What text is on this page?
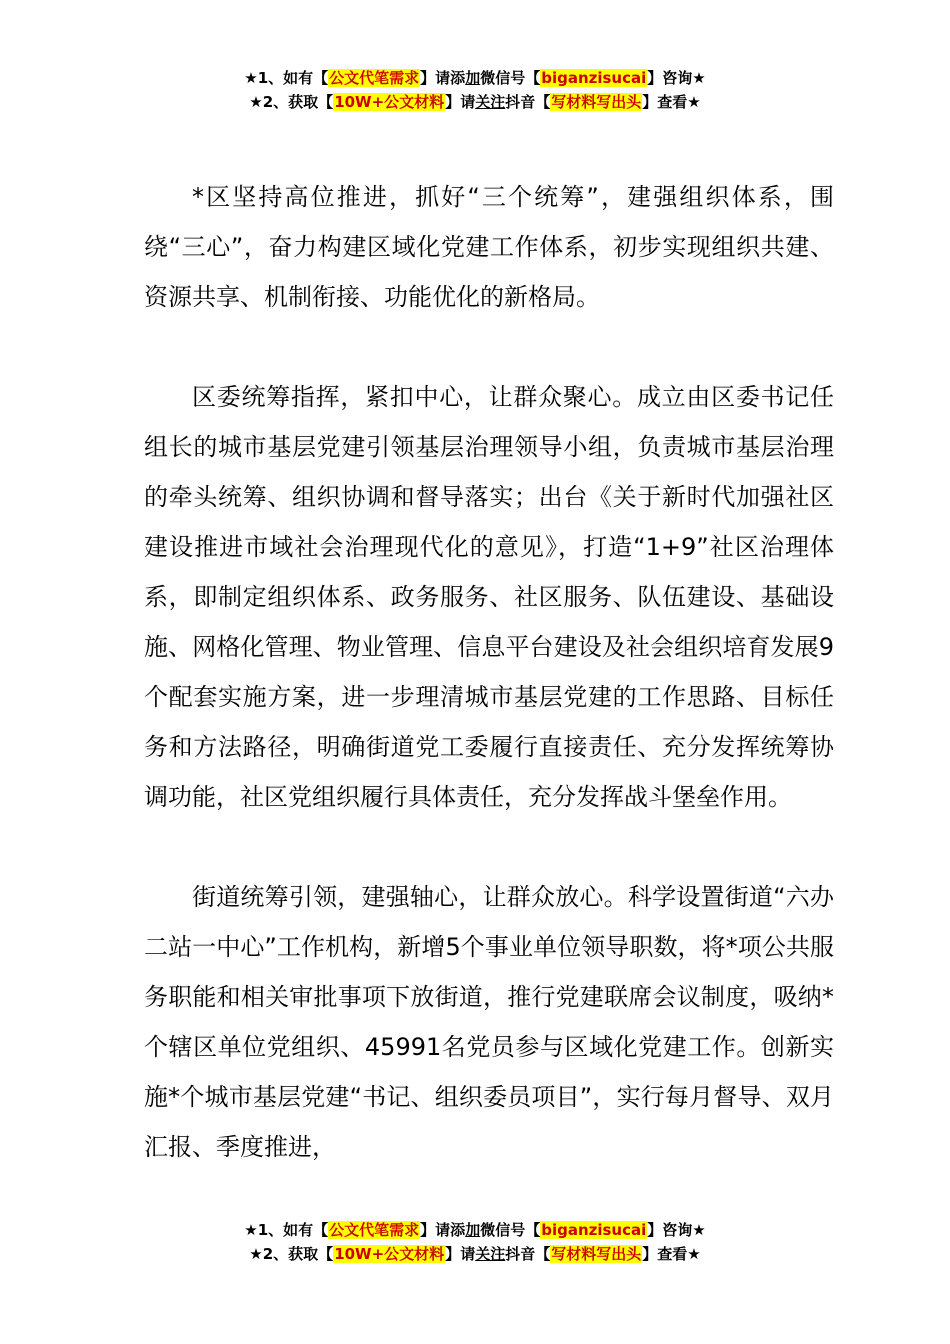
★1、如有【公文代笔需求】请添加微信号【biganzisucai】咨询★
★2、获取【10W+公文材料】请关注抖音【写材料写出头】查看★

*区坚持高位推进，抓好“三个统筹”，建强组织体系，围绕“三心”，奋力构建区域化党建工作体系，初步实现组织共建、资源共享、机制衔接、功能优化的新格局。

区委统筹指挥，紧扣中心，让群众聚心。成立由区委书记任组长的城市基层党建引领基层治理领导小组，负责城市基层治理的牵头统筹、组织协调和督导落实；出台《关于新时代加强社区建设推进市域社会治理现代化的意见》，打造“1+9”社区治理体系，即制定组织体系、政务服务、社区服务、队伍建设、基础设施、网格化管理、物业管理、信息平台建设及社会组织培育发展9个配套实施方案，进一步理清城市基层党建的工作思路、目标任务和方法路径，明确街道党工委履行直接责任、充分发挥统筹协调功能，社区党组织履行具体责任，充分发挥战斗堡垒作用。

街道统筹引领，建强轴心，让群众放心。科学设置街道“六办二站一中心”工作机构，新增5个事业单位领导职数，将*项公共服务职能和相关审批事项下放街道，推行党建联席会议制度，吸纳*个辖区单位党组织、45991名党员参与区域化党建工作。创新实施*个城市基层党建“书记、组织委员项目”，实行每月督导、双月汇报、季度推进，

★1、如有【公文代笔需求】请添加微信号【biganzisucai】咨询★
★2、获取【10W+公文材料】请关注抖音【写材料写出头】查看★
